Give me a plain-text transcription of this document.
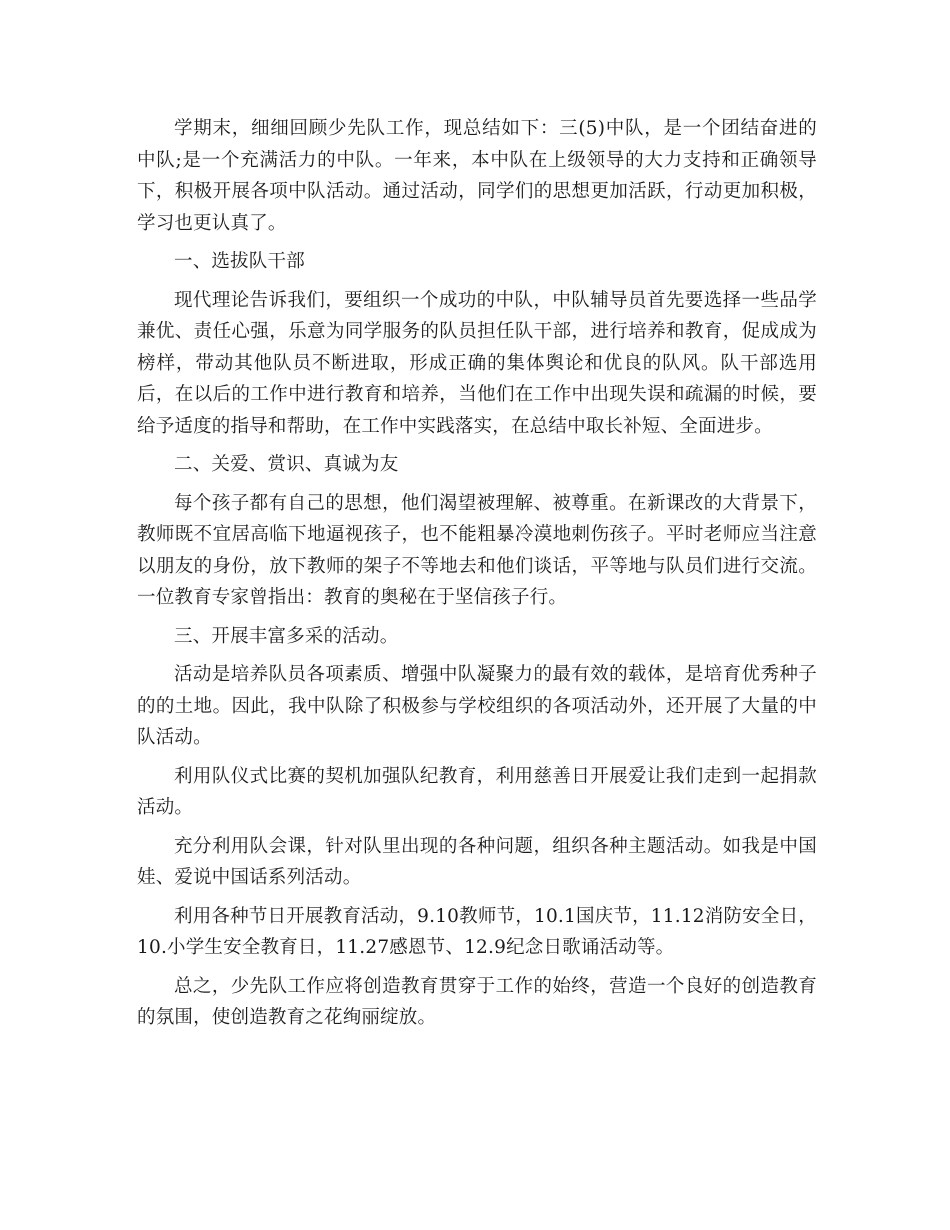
学期末，细细回顾少先队工作，现总结如下：三(5)中队，是一个团结奋进的中队;是一个充满活力的中队。一年来，本中队在上级领导的大力支持和正确领导下，积极开展各项中队活动。通过活动，同学们的思想更加活跃，行动更加积极，学习也更认真了。

一、选拔队干部

现代理论告诉我们，要组织一个成功的中队，中队辅导员首先要选择一些品学兼优、责任心强，乐意为同学服务的队员担任队干部，进行培养和教育，促成成为榜样，带动其他队员不断进取，形成正确的集体舆论和优良的队风。队干部选用后，在以后的工作中进行教育和培养，当他们在工作中出现失误和疏漏的时候，要给予适度的指导和帮助，在工作中实践落实，在总结中取长补短、全面进步。

二、关爱、赏识、真诚为友

每个孩子都有自己的思想，他们渴望被理解、被尊重。在新课改的大背景下，教师既不宜居高临下地逼视孩子，也不能粗暴冷漠地刺伤孩子。平时老师应当注意以朋友的身份，放下教师的架子不等地去和他们谈话，平等地与队员们进行交流。一位教育专家曾指出：教育的奥秘在于坚信孩子行。

三、开展丰富多采的活动。

活动是培养队员各项素质、增强中队凝聚力的最有效的载体，是培育优秀种子的的土地。因此，我中队除了积极参与学校组织的各项活动外，还开展了大量的中队活动。

利用队仪式比赛的契机加强队纪教育，利用慈善日开展爱让我们走到一起捐款活动。

充分利用队会课，针对队里出现的各种问题，组织各种主题活动。如我是中国娃、爱说中国话系列活动。

利用各种节日开展教育活动，9.10教师节，10.1国庆节，11.12消防安全日，10.小学生安全教育日，11.27感恩节、12.9纪念日歌诵活动等。

总之，少先队工作应将创造教育贯穿于工作的始终，营造一个良好的创造教育的氛围，使创造教育之花绚丽绽放。
